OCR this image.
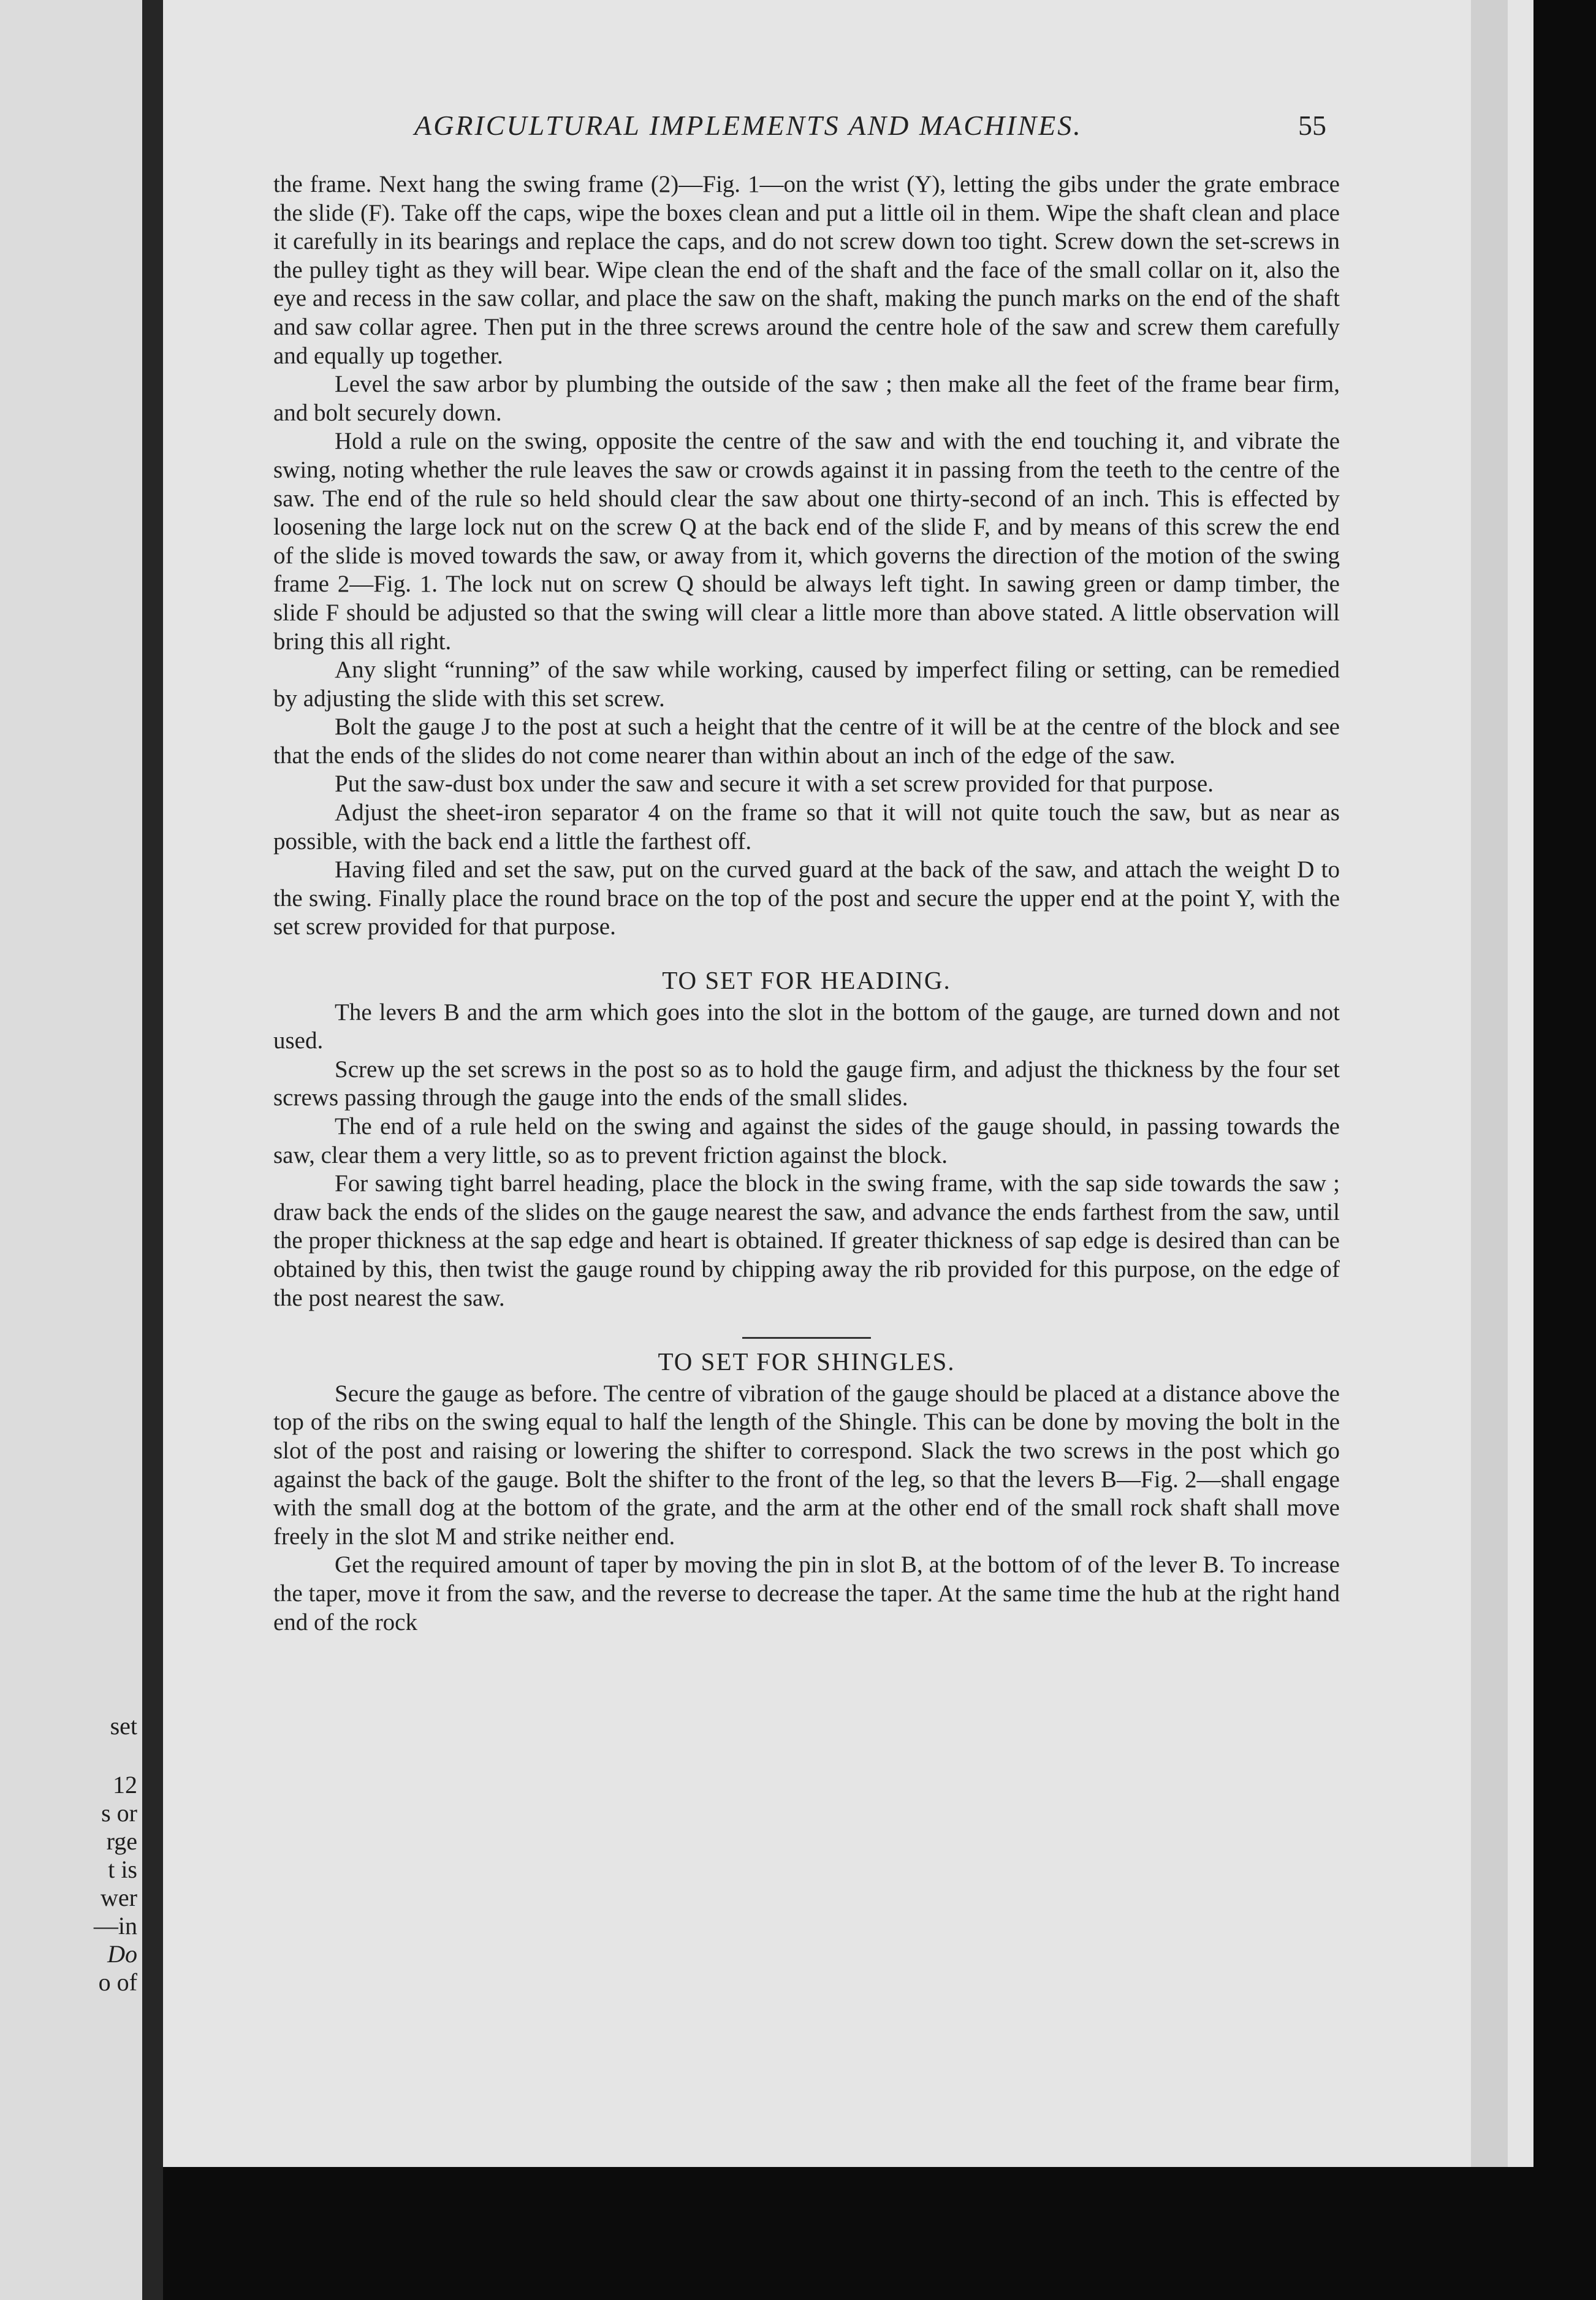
set
12
s or
rge
t is
wer
—in
Do
o of
AGRICULTURAL IMPLEMENTS AND MACHINES.	55

the frame. Next hang the swing frame (2)—Fig. 1—on the wrist (Y), letting the gibs under the grate embrace the slide (F). Take off the caps, wipe the boxes clean and put a little oil in them. Wipe the shaft clean and place it carefully in its bearings and replace the caps, and do not screw down too tight. Screw down the set-screws in the pulley tight as they will bear. Wipe clean the end of the shaft and the face of the small collar on it, also the eye and recess in the saw collar, and place the saw on the shaft, making the punch marks on the end of the shaft and saw collar agree. Then put in the three screws around the centre hole of the saw and screw them carefully and equally up together.

Level the saw arbor by plumbing the outside of the saw ; then make all the feet of the frame bear firm, and bolt securely down.

Hold a rule on the swing, opposite the centre of the saw and with the end touching it, and vibrate the swing, noting whether the rule leaves the saw or crowds against it in passing from the teeth to the centre of the saw. The end of the rule so held should clear the saw about one thirty-second of an inch. This is effected by loosening the large lock nut on the screw Q at the back end of the slide F, and by means of this screw the end of the slide is moved towards the saw, or away from it, which governs the direction of the motion of the swing frame 2—Fig. 1. The lock nut on screw Q should be always left tight. In sawing green or damp timber, the slide F should be adjusted so that the swing will clear a little more than above stated. A little observation will bring this all right.

Any slight “running” of the saw while working, caused by imperfect filing or setting, can be remedied by adjusting the slide with this set screw.

Bolt the gauge J to the post at such a height that the centre of it will be at the centre of the block and see that the ends of the slides do not come nearer than within about an inch of the edge of the saw.

Put the saw-dust box under the saw and secure it with a set screw provided for that purpose.

Adjust the sheet-iron separator 4 on the frame so that it will not quite touch the saw, but as near as possible, with the back end a little the farthest off.

Having filed and set the saw, put on the curved guard at the back of the saw, and attach the weight D to the swing. Finally place the round brace on the top of the post and secure the upper end at the point Y, with the set screw provided for that purpose.

TO SET FOR HEADING.

The levers B and the arm which goes into the slot in the bottom of the gauge, are turned down and not used.

Screw up the set screws in the post so as to hold the gauge firm, and adjust the thickness by the four set screws passing through the gauge into the ends of the small slides.

The end of a rule held on the swing and against the sides of the gauge should, in passing towards the saw, clear them a very little, so as to prevent friction against the block.

For sawing tight barrel heading, place the block in the swing frame, with the sap side towards the saw ; draw back the ends of the slides on the gauge nearest the saw, and advance the ends farthest from the saw, until the proper thickness at the sap edge and heart is obtained. If greater thickness of sap edge is desired than can be obtained by this, then twist the gauge round by chipping away the rib provided for this purpose, on the edge of the post nearest the saw.

TO SET FOR SHINGLES.

Secure the gauge as before. The centre of vibration of the gauge should be placed at a distance above the top of the ribs on the swing equal to half the length of the Shingle. This can be done by moving the bolt in the slot of the post and raising or lowering the shifter to correspond. Slack the two screws in the post which go against the back of the gauge. Bolt the shifter to the front of the leg, so that the levers B—Fig. 2—shall engage with the small dog at the bottom of the grate, and the arm at the other end of the small rock shaft shall move freely in the slot M and strike neither end.

Get the required amount of taper by moving the pin in slot B, at the bottom of of the lever B. To increase the taper, move it from the saw, and the reverse to decrease the taper. At the same time the hub at the right hand end of the rock
